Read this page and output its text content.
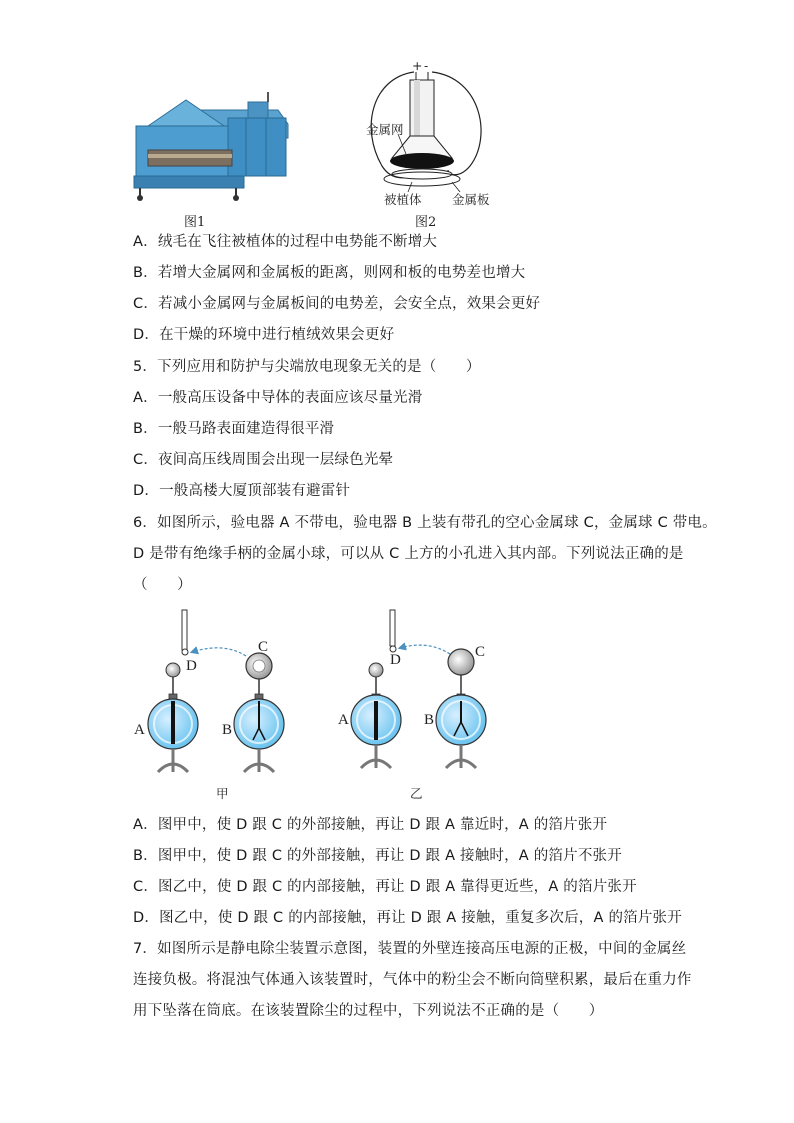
图1
+ -
金属网
被植体 金属板
图2
A．绒毛在飞往被植体的过程中电势能不断增大
B．若增大金属网和金属板的距离，则网和板的电势差也增大
C．若减小金属网与金属板间的电势差，会安全点，效果会更好
D．在干燥的环境中进行植绒效果会更好
5．下列应用和防护与尖端放电现象无关的是（　　）
A．一般高压设备中导体的表面应该尽量光滑
B．一般马路表面建造得很平滑
C．夜间高压线周围会出现一层绿色光晕
D．一般高楼大厦顶部装有避雷针
6．如图所示，验电器 A 不带电，验电器 B 上装有带孔的空心金属球 C，金属球 C 带电。
D 是带有绝缘手柄的金属小球，可以从 C 上方的小孔进入其内部。下列说法正确的是
（　　）
D
A
C
B
甲
D
A
C
B
乙
A．图甲中，使 D 跟 C 的外部接触，再让 D 跟 A 靠近时，A 的箔片张开
B．图甲中，使 D 跟 C 的外部接触，再让 D 跟 A 接触时，A 的箔片不张开
C．图乙中，使 D 跟 C 的内部接触，再让 D 跟 A 靠得更近些，A 的箔片张开
D．图乙中，使 D 跟 C 的内部接触，再让 D 跟 A 接触，重复多次后，A 的箔片张开
7．如图所示是静电除尘装置示意图，装置的外壁连接高压电源的正极，中间的金属丝
连接负极。将混浊气体通入该装置时，气体中的粉尘会不断向筒壁积累，最后在重力作
用下坠落在筒底。在该装置除尘的过程中，下列说法不正确的是（　　）
